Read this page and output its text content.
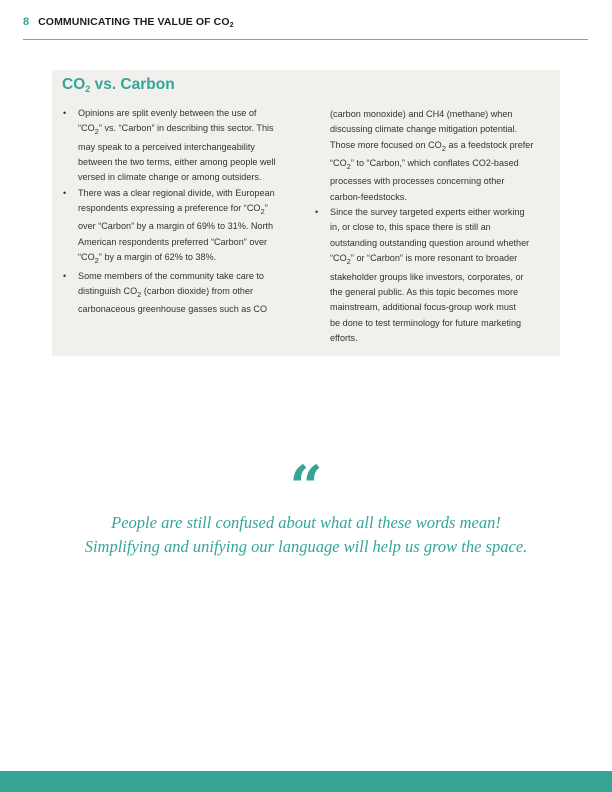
8 COMMUNICATING THE VALUE OF $CO_2$
$CO_2$ vs. Carbon
• Opinions are split evenly between the use of
“$CO_2$” vs. “Carbon” in describing this sector. This
may speak to a perceived interchangeability
between the two terms, either among people well
versed in climate change or among outsiders.
• There was a clear regional divide, with European
respondents expressing a preference for “$CO_2$”
over “Carbon” by a margin of 69% to 31%. North
American respondents preferred “Carbon” over
“$CO_2$” by a margin of 62% to 38%.
• Some members of the community take care to
distinguish $CO_2$ (carbon dioxide) from other
carbonaceous greenhouse gasses such as CO
(carbon monoxide) and CH4 (methane) when
discussing climate change mitigation potential.
Those more focused on $CO_2$ as a feedstock prefer
“$CO_2$” to “Carbon,” which conflates CO2-based
processes with processes concerning other
carbon-feedstocks.
• Since the survey targeted experts either working
in, or close to, this space there is still an
outstanding outstanding question around whether
“$CO_2$” or “Carbon” is more resonant to broader
stakeholder groups like investors, corporates, or
the general public. As this topic becomes more
mainstream, additional focus-group work must
be done to test terminology for future marketing
efforts.
“
People are still confused about what all these words mean!
Simplifying and unifying our language will help us grow the space.
